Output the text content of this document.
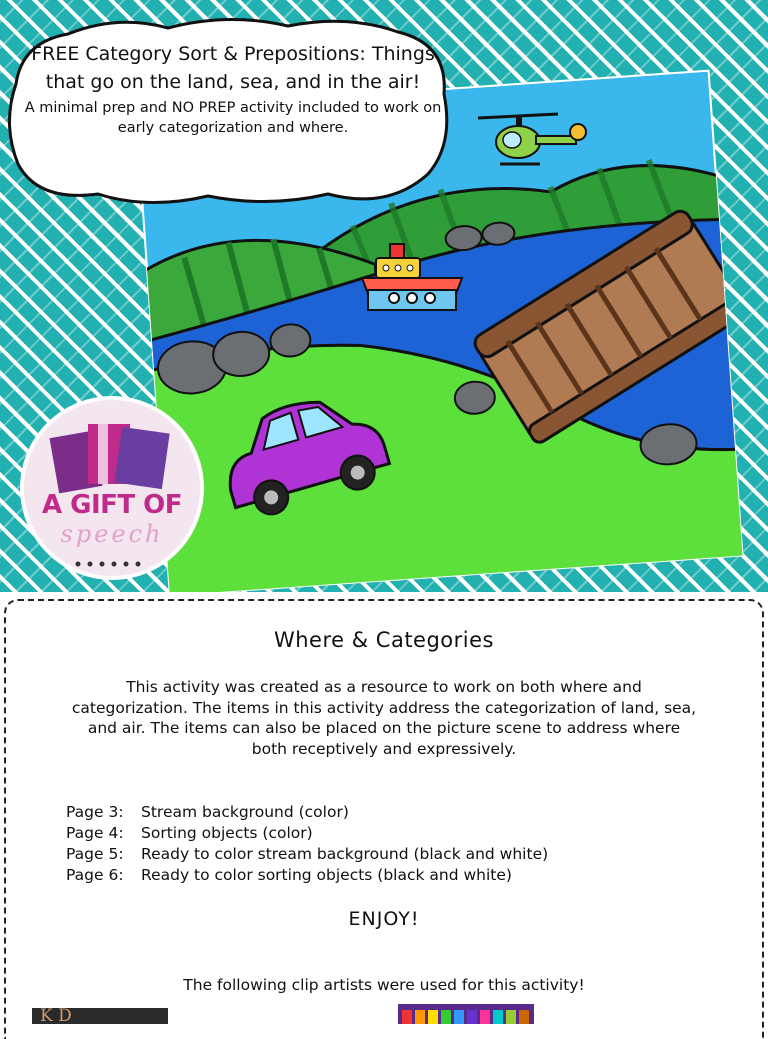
FREE Category Sort & Prepositions: Things that go on the land, sea, and in the air!

A minimal prep and NO PREP activity included to work on early categorization and where.

A GIFT OF
speech
Where & Categories
This activity was created as a resource to work on both where and categorization. The items in this activity address the categorization of land, sea, and air. The items can also be placed on the picture scene to address where both receptively and expressively.
Page 3: Stream background (color)
Page 4: Sorting objects (color)
Page 5: Ready to color stream background (black and white)
Page 6: Ready to color sorting objects (black and white)
ENJOY!
The following clip artists were used for this activity!
K D
